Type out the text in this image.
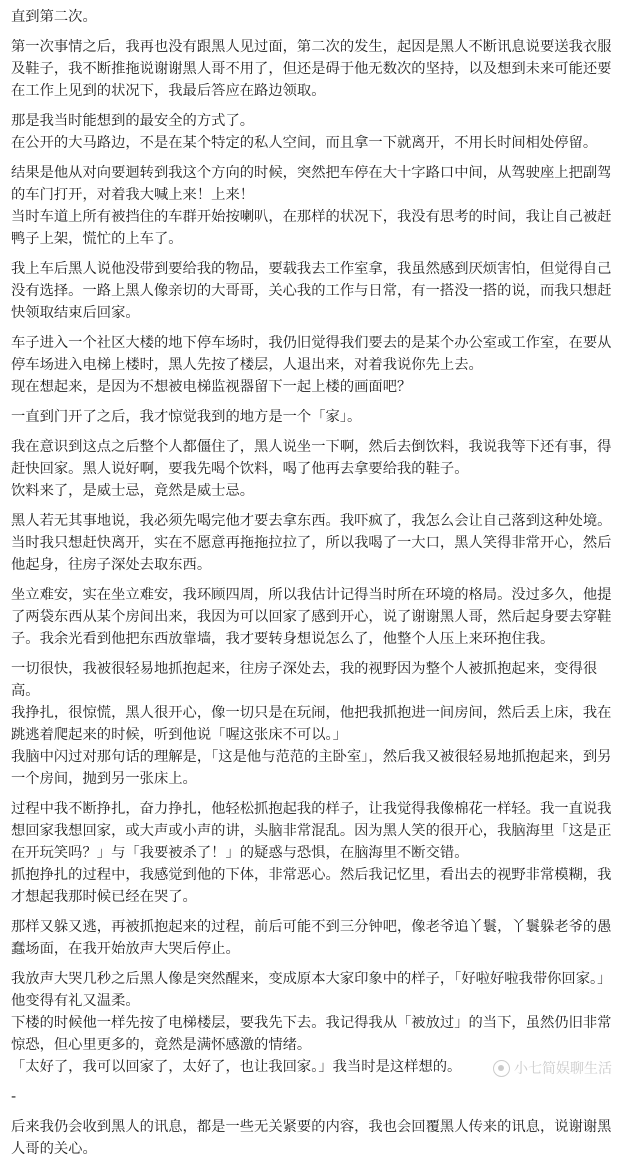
直到第二次。
第一次事情之后，我再也没有跟黑人见过面，第二次的发生，起因是黑人不断讯息说要送我衣服及鞋子，我不断推拖说谢谢黑人哥不用了，但还是碍于他无数次的坚持，以及想到未来可能还要在工作上见到的状况下，我最后答应在路边领取。
那是我当时能想到的最安全的方式了。
在公开的大马路边，不是在某个特定的私人空间，而且拿一下就离开，不用长时间相处停留。
结果是他从对向要迴转到我这个方向的时候，突然把车停在大十字路口中间，从驾驶座上把副驾的车门打开，对着我大喊上来！上来！
当时车道上所有被挡住的车群开始按喇叭，在那样的状况下，我没有思考的时间，我让自己被赶鸭子上架，慌忙的上车了。
我上车后黑人说他没带到要给我的物品，要载我去工作室拿，我虽然感到厌烦害怕，但觉得自己没有选择。一路上黑人像亲切的大哥哥，关心我的工作与日常，有一搭没一搭的说，而我只想赶快领取结束后回家。
车子进入一个社区大楼的地下停车场时，我仍旧觉得我们要去的是某个办公室或工作室，在要从停车场进入电梯上楼时，黑人先按了楼层，人退出来，对着我说你先上去。
现在想起来，是因为不想被电梯监视器留下一起上楼的画面吧？
一直到门开了之后，我才惊觉我到的地方是一个「家」。
我在意识到这点之后整个人都僵住了，黑人说坐一下啊，然后去倒饮料，我说我等下还有事，得赶快回家。黑人说好啊，要我先喝个饮料，喝了他再去拿要给我的鞋子。
饮料来了，是威士忌，竟然是威士忌。
黑人若无其事地说，我必须先喝完他才要去拿东西。我吓疯了，我怎么会让自己落到这种处境。当时我只想赶快离开，实在不愿意再拖拖拉拉了，所以我喝了一大口，黑人笑得非常开心，然后他起身，往房子深处去取东西。
坐立难安，实在坐立难安，我环顾四周，所以我估计记得当时所在环境的格局。没过多久，他提了两袋东西从某个房间出来，我因为可以回家了感到开心，说了谢谢黑人哥，然后起身要去穿鞋子。我余光看到他把东西放靠墙，我才要转身想说怎么了，他整个人压上来环抱住我。
一切很快，我被很轻易地抓抱起来，往房子深处去，我的视野因为整个人被抓抱起来，变得很高。
我挣扎，很惊慌，黑人很开心，像一切只是在玩闹，他把我抓抱进一间房间，然后丢上床，我在跳逃着爬起来的时候，听到他说「喔这张床不可以。」
我脑中闪过对那句话的理解是，「这是他与范范的主卧室」，然后我又被很轻易地抓抱起来，到另一个房间，抛到另一张床上。
过程中我不断挣扎，奋力挣扎，他轻松抓抱起我的样子，让我觉得我像棉花一样轻。我一直说我想回家我想回家，或大声或小声的讲，头脑非常混乱。因为黑人笑的很开心，我脑海里「这是正在开玩笑吗？」与「我要被杀了！」的疑惑与恐惧，在脑海里不断交错。
抓抱挣扎的过程中，我感觉到他的下体，非常恶心。然后我记忆里，看出去的视野非常模糊，我才想起我那时候已经在哭了。
那样又躲又逃，再被抓抱起来的过程，前后可能不到三分钟吧，像老爷追丫鬟，丫鬟躲老爷的愚蠢场面，在我开始放声大哭后停止。
我放声大哭几秒之后黑人像是突然醒来，变成原本大家印象中的样子，「好啦好啦我带你回家。」他变得有礼又温柔。
下楼的时候他一样先按了电梯楼层，要我先下去。我记得我从「被放过」的当下，虽然仍旧非常惊恐，但心里更多的，竟然是满怀感激的情绪。
「太好了，我可以回家了，太好了，也让我回家。」我当时是这样想的。
-
后来我仍会收到黑人的讯息，都是一些无关紧要的内容，我也会回覆黑人传来的讯息，说谢谢黑人哥的关心。
小七简娱聊生活
